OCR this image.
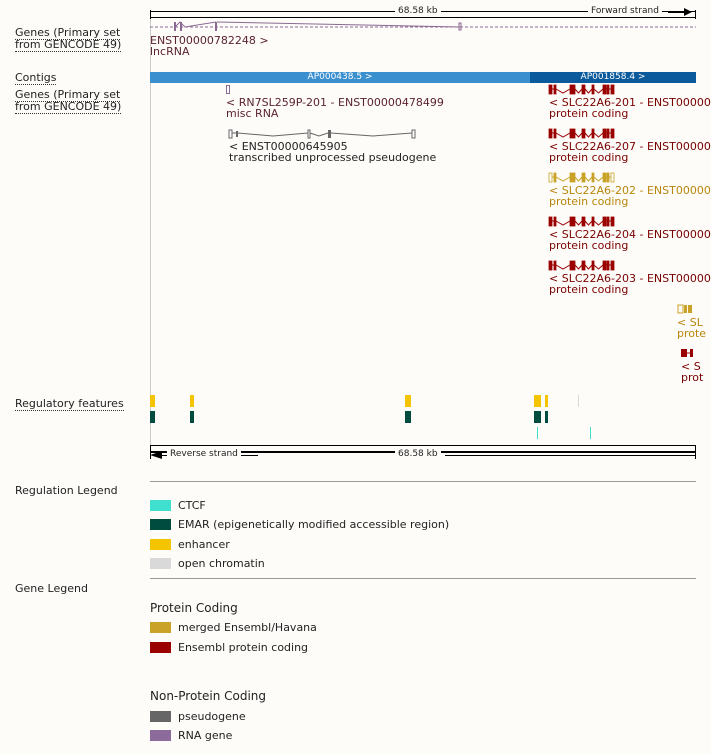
Genes (Primary set from GENCODE 49)
Contigs
Genes (Primary set from GENCODE 49)
Regulatory features
68.58 kb	Forward strand
ENST00000782248 >
lncRNA
AP000438.5 >	AP001858.4 >
< RN7SL259P-201 - ENST00000478499
misc RNA
< ENST00000645905
transcribed unprocessed pseudogene
< SLC22A6-201 - ENST00000
protein coding
< SLC22A6-207 - ENST00000
protein coding
< SLC22A6-202 - ENST00000
protein coding
< SLC22A6-204 - ENST00000
protein coding
< SLC22A6-203 - ENST00000
protein coding
< SL
prote
< S
prot
Reverse strand	68.58 kb
Regulation Legend
CTCF
EMAR (epigenetically modified accessible region)
enhancer
open chromatin
Gene Legend
Protein Coding
merged Ensembl/Havana
Ensembl protein coding
Non-Protein Coding
pseudogene
RNA gene
